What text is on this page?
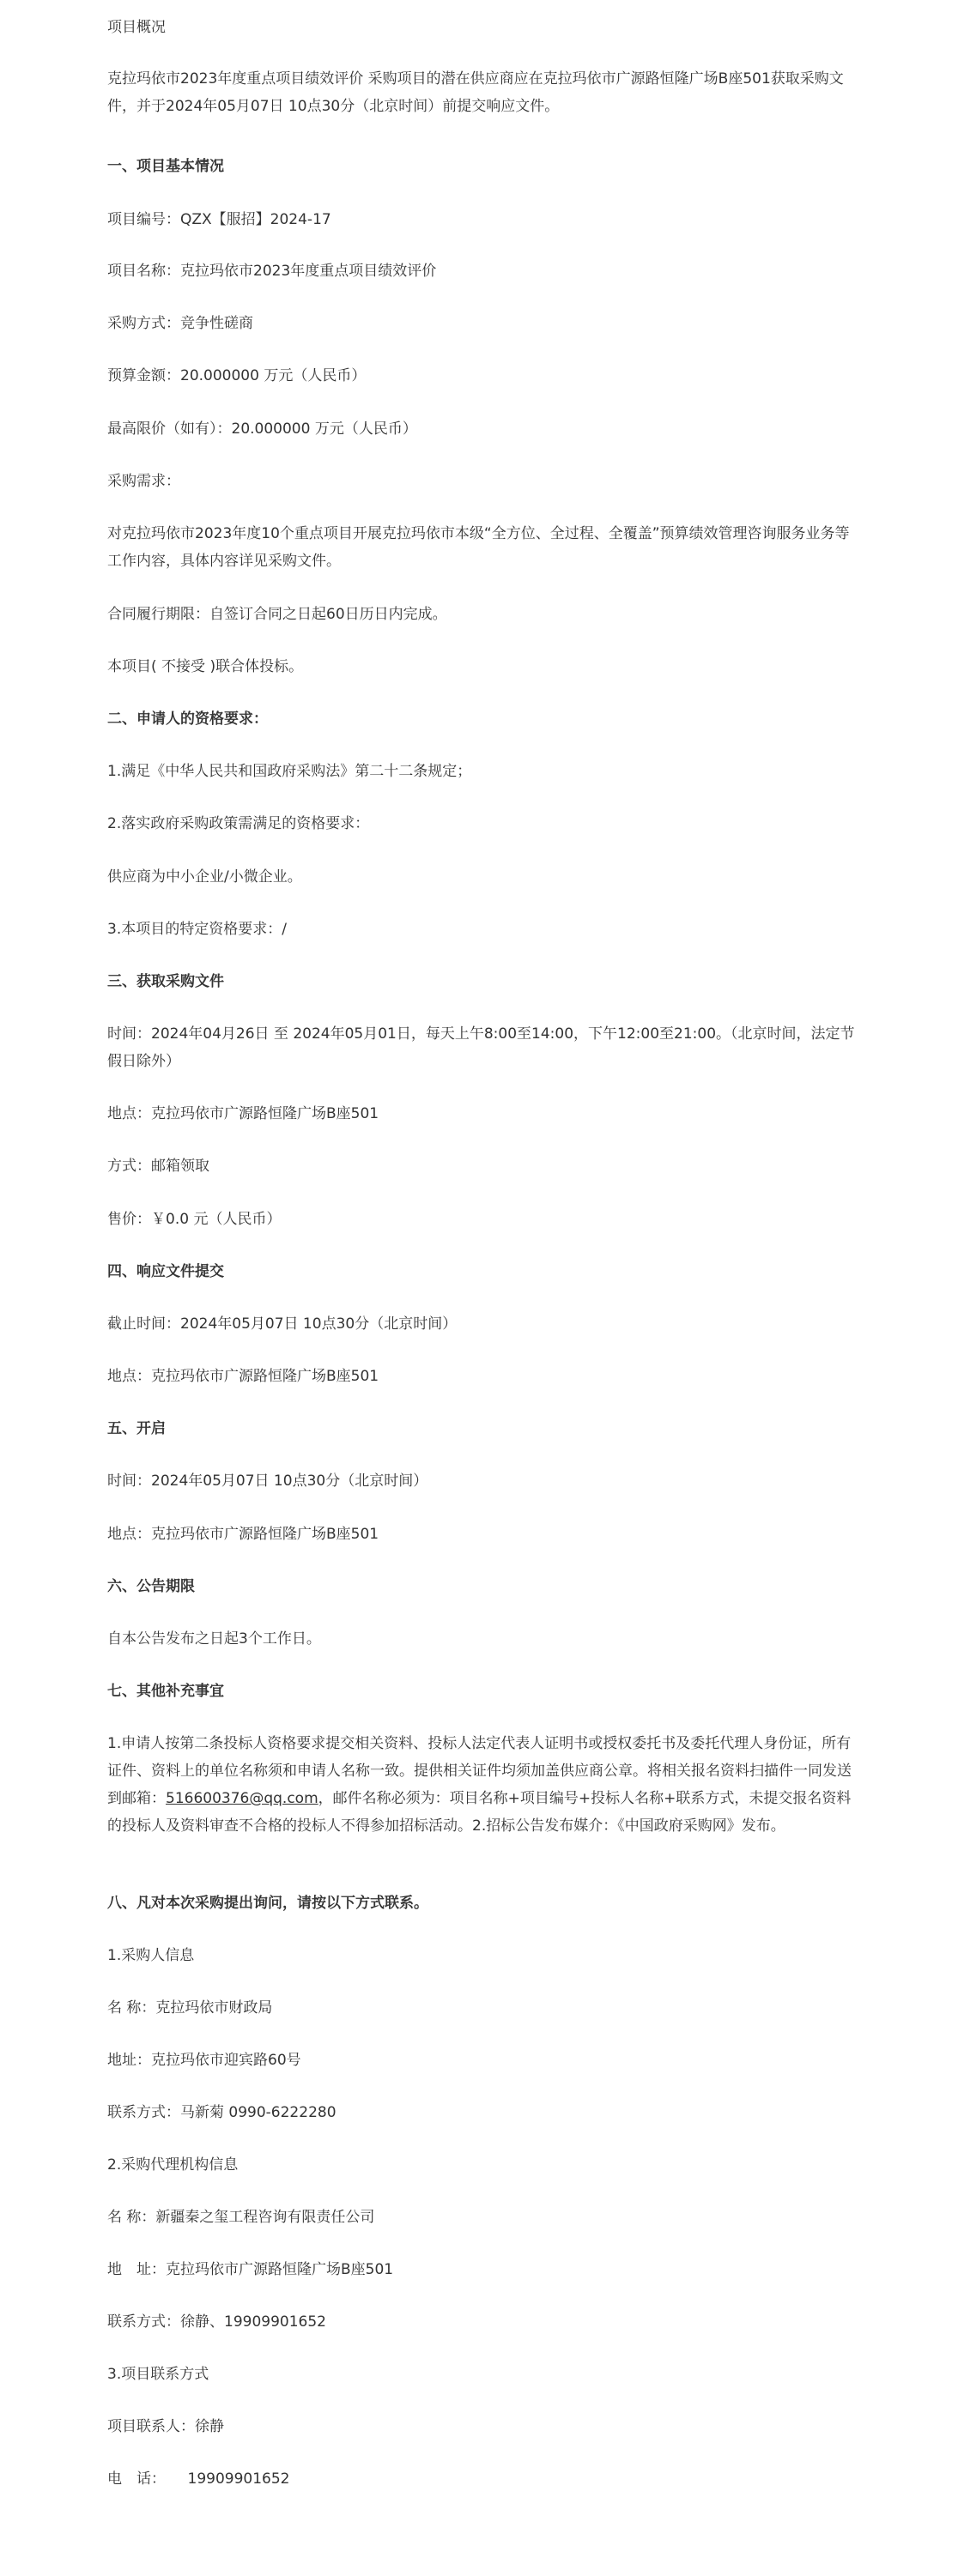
项目概况

克拉玛依市2023年度重点项目绩效评价 采购项目的潜在供应商应在克拉玛依市广源路恒隆广场B座501获取采购文件，并于2024年05月07日 10点30分（北京时间）前提交响应文件。

一、项目基本情况

项目编号：QZX【服招】2024-17

项目名称：克拉玛依市2023年度重点项目绩效评价

采购方式：竞争性磋商

预算金额：20.000000 万元（人民币）

最高限价（如有）：20.000000 万元（人民币）

采购需求：

对克拉玛依市2023年度10个重点项目开展克拉玛依市本级“全方位、全过程、全覆盖”预算绩效管理咨询服务业务等工作内容，具体内容详见采购文件。

合同履行期限：自签订合同之日起60日历日内完成。

本项目( 不接受 )联合体投标。

二、申请人的资格要求：

1.满足《中华人民共和国政府采购法》第二十二条规定；

2.落实政府采购政策需满足的资格要求：

供应商为中小企业/小微企业。

3.本项目的特定资格要求：/

三、获取采购文件

时间：2024年04月26日 至 2024年05月01日，每天上午8:00至14:00，下午12:00至21:00。（北京时间，法定节假日除外）

地点：克拉玛依市广源路恒隆广场B座501

方式：邮箱领取

售价：￥0.0 元（人民币）

四、响应文件提交

截止时间：2024年05月07日 10点30分（北京时间）

地点：克拉玛依市广源路恒隆广场B座501

五、开启

时间：2024年05月07日 10点30分（北京时间）

地点：克拉玛依市广源路恒隆广场B座501

六、公告期限

自本公告发布之日起3个工作日。

七、其他补充事宜

1.申请人按第二条投标人资格要求提交相关资料、投标人法定代表人证明书或授权委托书及委托代理人身份证，所有证件、资料上的单位名称须和申请人名称一致。提供相关证件均须加盖供应商公章。将相关报名资料扫描件一同发送到邮箱：516600376@qq.com，邮件名称必须为：项目名称+项目编号+投标人名称+联系方式，未提交报名资料的投标人及资料审查不合格的投标人不得参加招标活动。2.招标公告发布媒介：《中国政府采购网》发布。

八、凡对本次采购提出询问，请按以下方式联系。

1.采购人信息

名 称：克拉玛依市财政局

地址：克拉玛依市迎宾路60号

联系方式：马新菊 0990-6222280

2.采购代理机构信息

名 称：新疆秦之玺工程咨询有限责任公司

地　址：克拉玛依市广源路恒隆广场B座501

联系方式：徐静、19909901652

3.项目联系方式

项目联系人：徐静

电　话：　　19909901652
